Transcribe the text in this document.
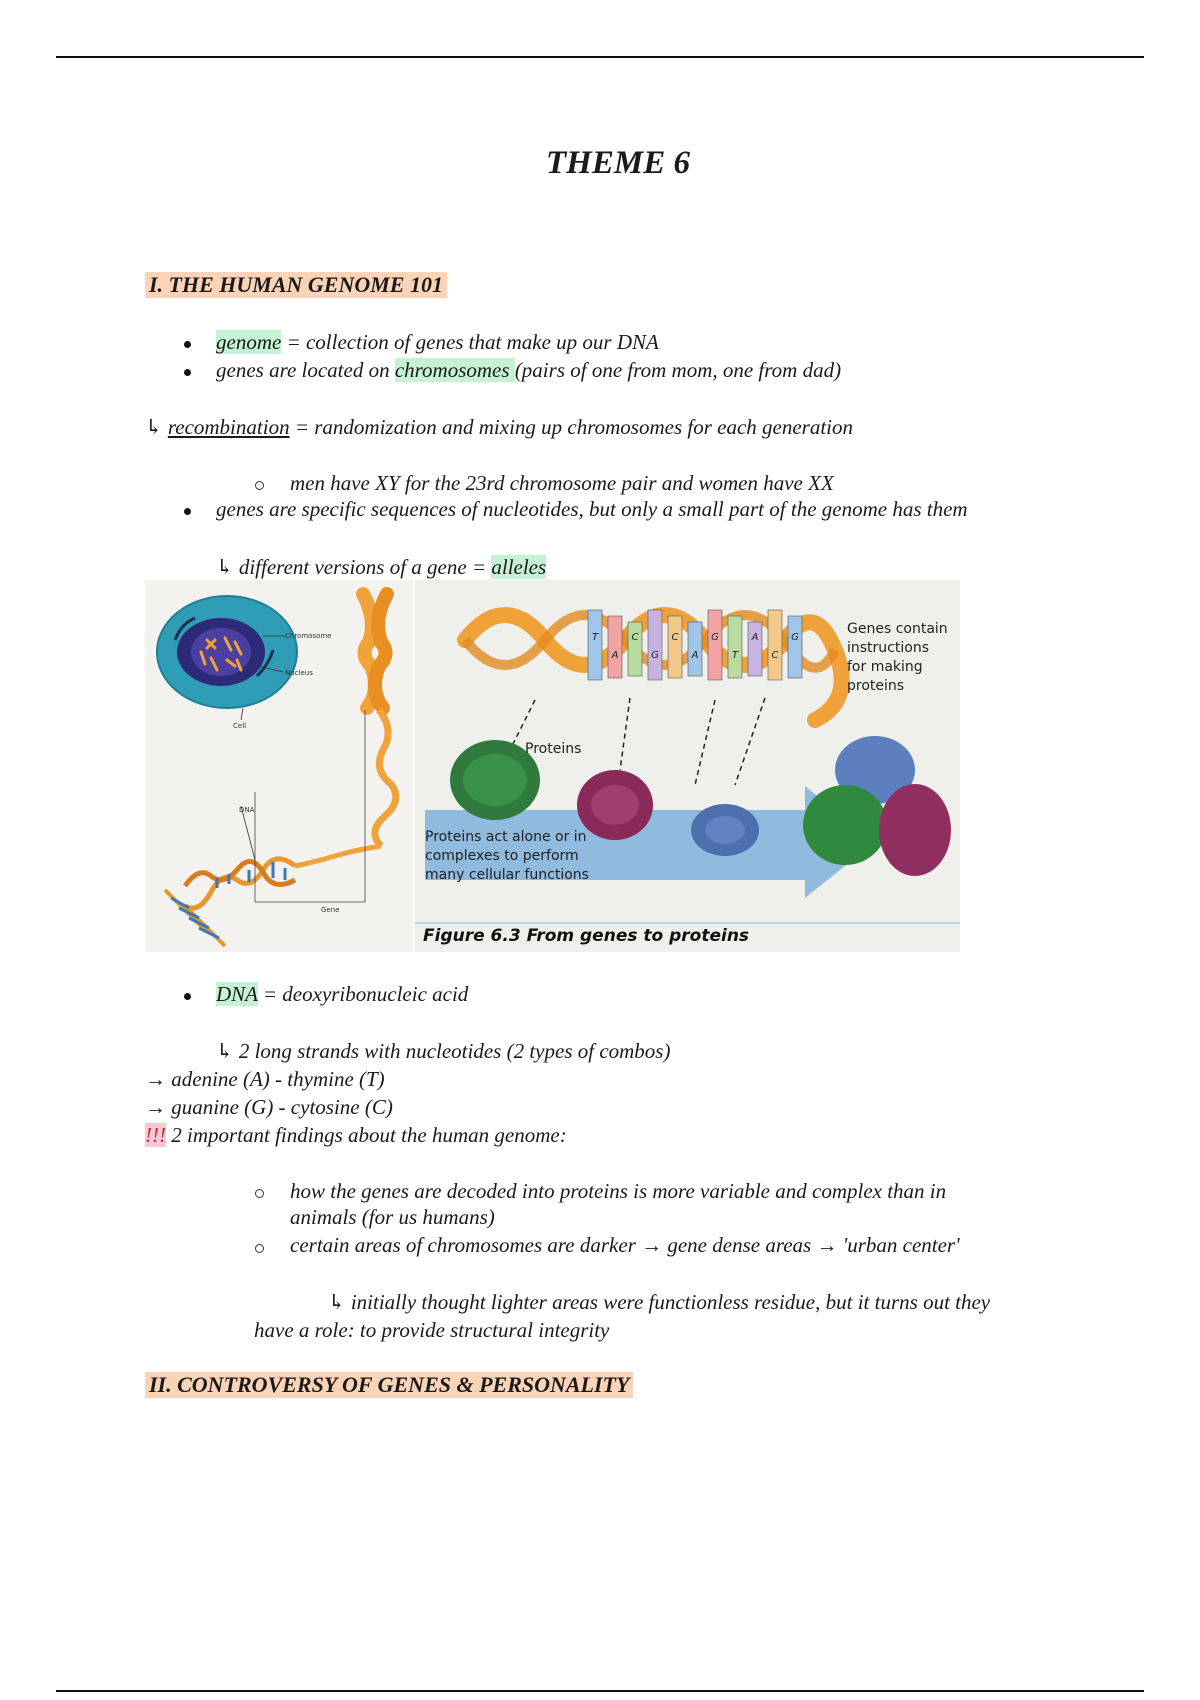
THEME 6
I. THE HUMAN GENOME 101
genome = collection of genes that make up our DNA
genes are located on chromosomes (pairs of one from mom, one from dad)
↳ recombination = randomization and mixing up chromosomes for each generation
men have XY for the 23rd chromosome pair and women have XX
genes are specific sequences of nucleotides, but only a small part of the genome has them
↳ different versions of a gene = alleles
Chromosome
Nucleus
Cell
DNA
Gene
T
A
C
G
C
A
G
T
A
C
G
Genes contain instructions for making proteins
Proteins
Proteins act alone or in complexes to perform many cellular functions
Figure 6.3 From genes to proteins
DNA = deoxyribonucleic acid
↳ 2 long strands with nucleotides (2 types of combos)
→ adenine (A) - thymine (T)
→ guanine (G) - cytosine (C)
!!! 2 important findings about the human genome:
how the genes are decoded into proteins is more variable and complex than in
animals (for us humans)
certain areas of chromosomes are darker → gene dense areas → 'urban center'
↳ initially thought lighter areas were functionless residue, but it turns out they
have a role: to provide structural integrity
II. CONTROVERSY OF GENES & PERSONALITY
